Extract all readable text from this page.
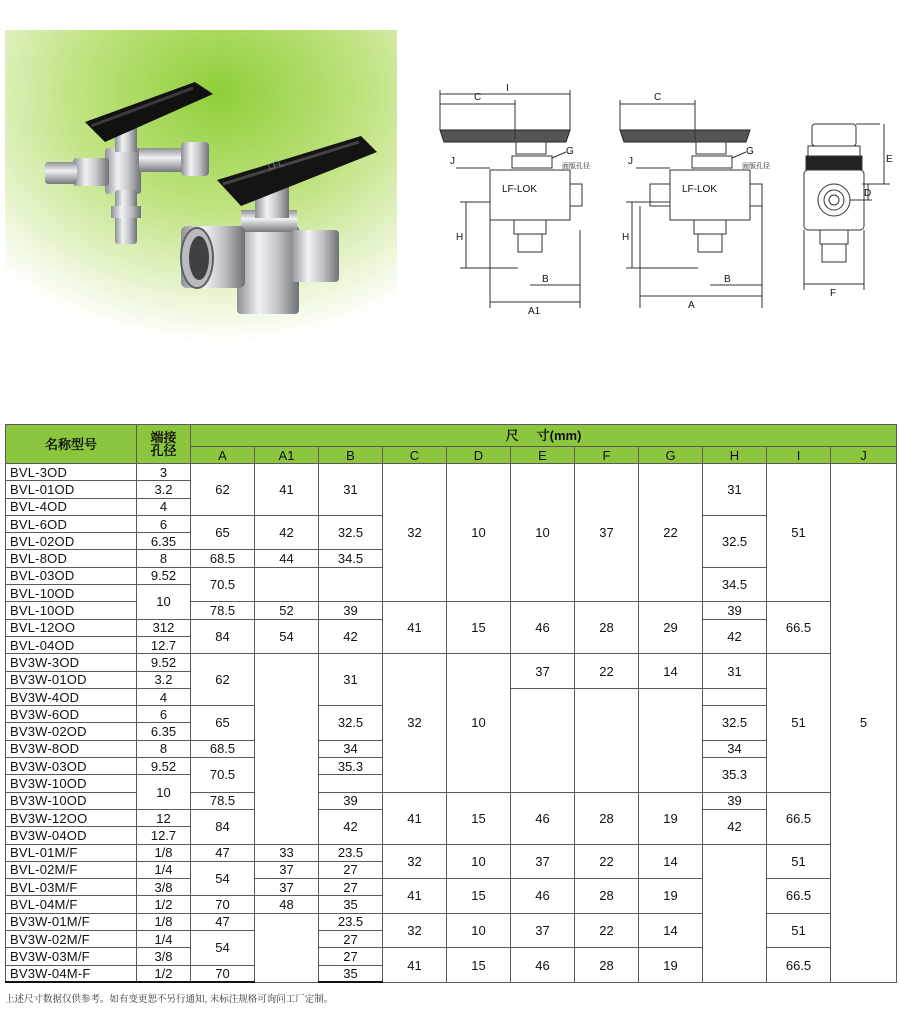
LFL
I
C
J
G
面版孔径
LF-LOK
H
B
A1
C
J
G
面版孔径
LF-LOK
H
B
A
E
D
F
名称型号	端接
孔径	尺     寸(mm)										
		A	A1	B	C	D	E	F	G	H	I	J
BVL-3OD	3	62	41	31	32	10	10	37	22	31	51	5
BVL-01OD	3.2											
BVL-4OD	4											
BVL-6OD	6	65	42	32.5						32.5		
BVL-02OD	6.35											
BVL-8OD	8	68.5	44	34.5								
BVL-03OD	9.52	70.5								34.5		
BVL-10OD	10											
BVL-10OD		78.5	52	39	41	15	46	28	29	39	66.5	
BVL-12OO	312	84	54	42						42		
BVL-04OD	12.7											
BV3W-3OD	9.52	62		31	32	10	37	22	14	31	51	
BV3W-01OD	3.2											
BV3W-4OD	4											
BV3W-6OD	6	65		32.5						32.5		
BV3W-02OD	6.35											
BV3W-8OD	8	68.5		34						34		
BV3W-03OD	9.52	70.5		35.3						35.3		
BV3W-10OD	10											
BV3W-10OD		78.5		39	41	15	46	28	19	39	66.5	
BV3W-12OO	12	84		42						42		
BV3W-04OD	12.7											
BVL-01M/F	1/8	47	33	23.5	32	10	37	22	14		51	
BVL-02M/F	1/4	54	37	27								
BVL-03M/F	3/8		37	27	41	15	46	28	19		66.5	
BVL-04M/F	1/2	70	48	35								
BV3W-01M/F	1/8	47		23.5	32	10	37	22	14		51	
BV3W-02M/F	1/4	54		27								
BV3W-03M/F	3/8			27	41	15	46	28	19		66.5	
BV3W-04M-F	1/2	70		35								
上述尺寸数据仅供参考。如有变更恕不另行通知, 未标注规格可询问工厂定制。
